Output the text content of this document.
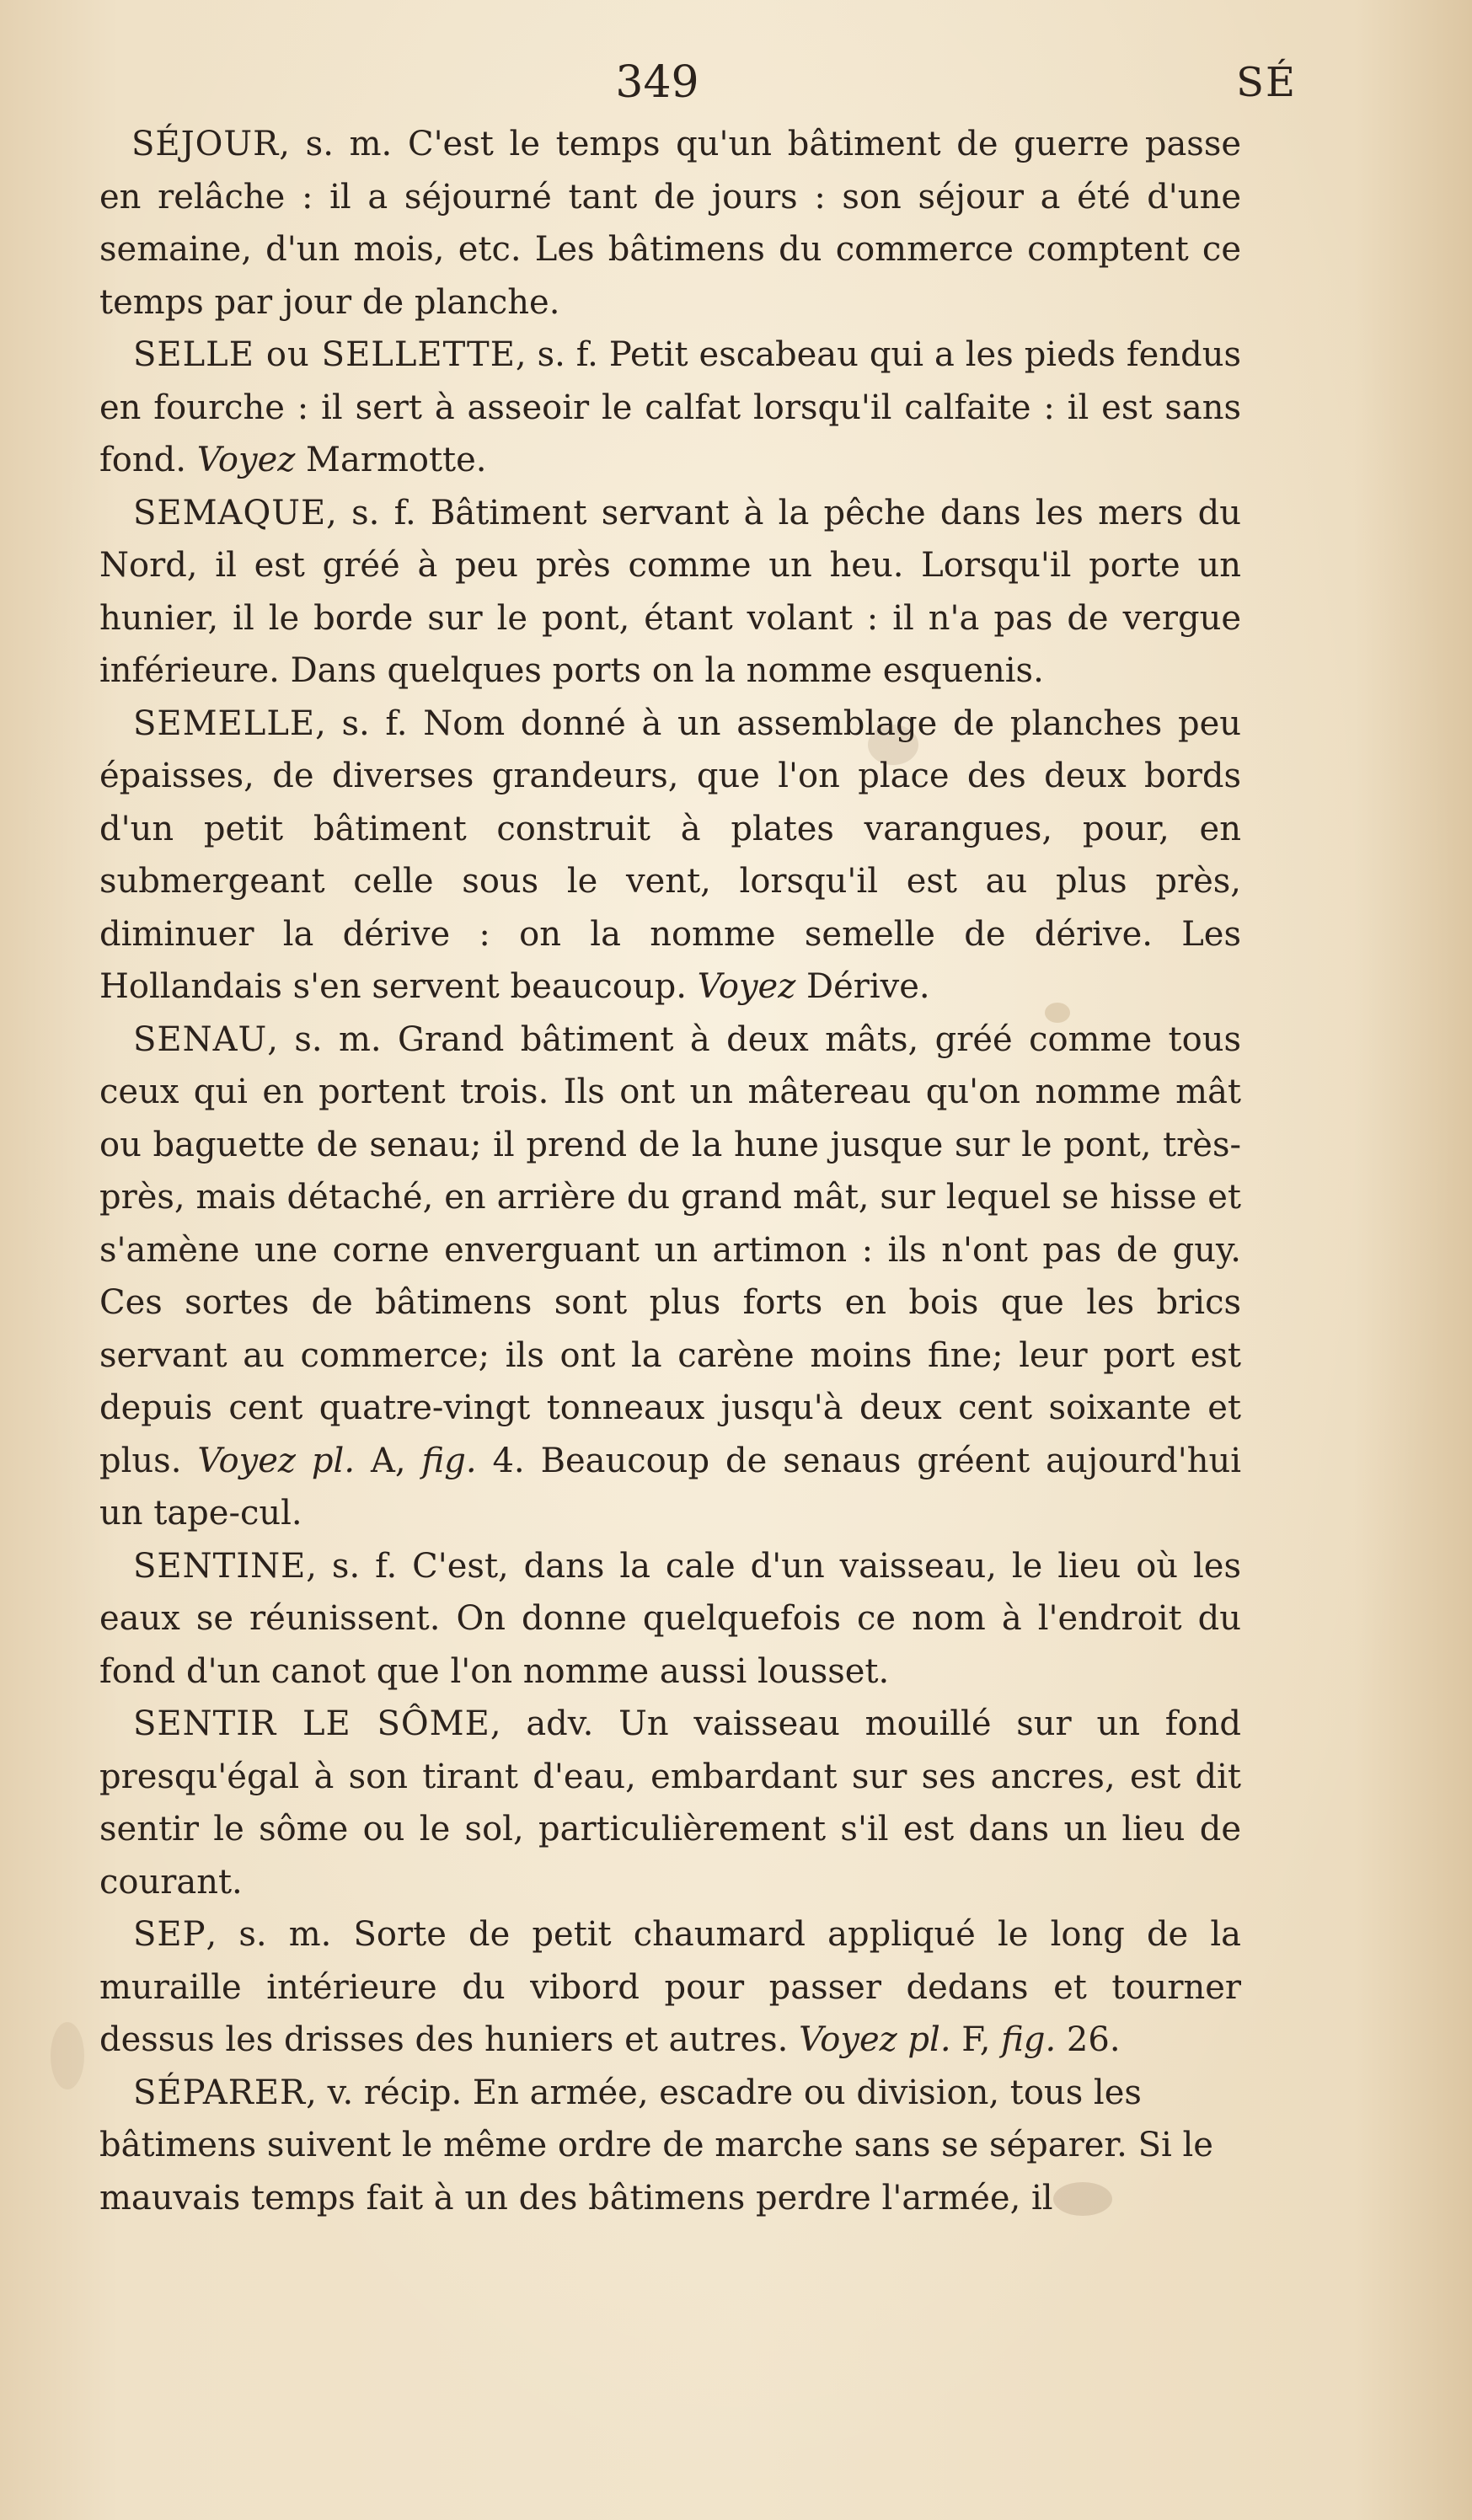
349	SÉ

SÉJOUR, s. m. C'est le temps qu'un bâtiment de guerre passe en relâche : il a séjourné tant de jours : son séjour a été d'une semaine, d'un mois, etc. Les bâtimens du commerce comptent ce temps par jour de planche.

SELLE ou SELLETTE, s. f. Petit escabeau qui a les pieds fendus en fourche : il sert à asseoir le calfat lorsqu'il calfaite : il est sans fond. Voyez Marmotte.

SEMAQUE, s. f. Bâtiment servant à la pêche dans les mers du Nord, il est gréé à peu près comme un heu. Lorsqu'il porte un hunier, il le borde sur le pont, étant volant : il n'a pas de vergue inférieure. Dans quelques ports on la nomme esquenis.

SEMELLE, s. f. Nom donné à un assemblage de planches peu épaisses, de diverses grandeurs, que l'on place des deux bords d'un petit bâtiment construit à plates varangues, pour, en submergeant celle sous le vent, lorsqu'il est au plus près, diminuer la dérive : on la nomme semelle de dérive. Les Hollandais s'en servent beaucoup. Voyez Dérive.

SENAU, s. m. Grand bâtiment à deux mâts, gréé comme tous ceux qui en portent trois. Ils ont un mâtereau qu'on nomme mât ou baguette de senau; il prend de la hune jusque sur le pont, très-près, mais détaché, en arrière du grand mât, sur lequel se hisse et s'amène une corne enverguant un artimon : ils n'ont pas de guy. Ces sortes de bâtimens sont plus forts en bois que les brics servant au commerce; ils ont la carène moins fine; leur port est depuis cent quatre-vingt tonneaux jusqu'à deux cent soixante et plus. Voyez pl. A, fig. 4. Beaucoup de senaus gréent aujourd'hui un tape-cul.

SENTINE, s. f. C'est, dans la cale d'un vaisseau, le lieu où les eaux se réunissent. On donne quelquefois ce nom à l'endroit du fond d'un canot que l'on nomme aussi lousset.

SENTIR LE SÔME, adv. Un vaisseau mouillé sur un fond presqu'égal à son tirant d'eau, embardant sur ses ancres, est dit sentir le sôme ou le sol, particulièrement s'il est dans un lieu de courant.

SEP, s. m. Sorte de petit chaumard appliqué le long de la muraille intérieure du vibord pour passer dedans et tourner dessus les drisses des huniers et autres. Voyez pl. F, fig. 26.

SÉPARER, v. récip. En armée, escadre ou division, tous les bâtimens suivent le même ordre de marche sans se séparer. Si le mauvais temps fait à un des bâtimens perdre l'armée, il
